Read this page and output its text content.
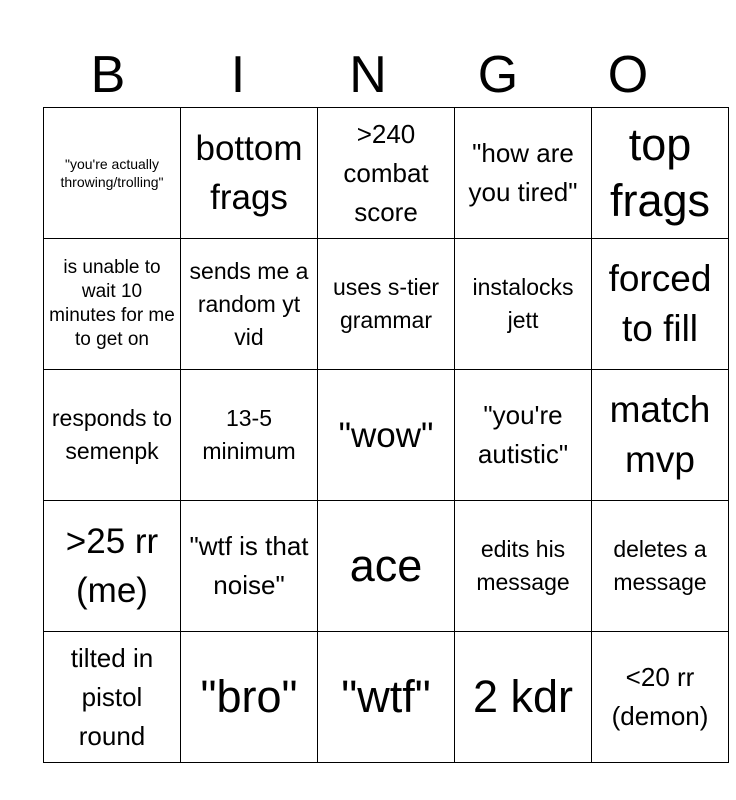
B	I	N	G	O
"you're actually throwing/trolling"	bottom frags	>240 combat score	"how are you tired"	top frags
is unable to wait 10 minutes for me to get on	sends me a random yt vid	uses s-tier grammar	instalocks jett	forced to fill
responds to semenpk	13-5 minimum	"wow"	"you're autistic"	match mvp
>25 rr (me)	"wtf is that noise"	ace	edits his message	deletes a message
tilted in pistol round	"bro"	"wtf"	2 kdr	<20 rr (demon)
